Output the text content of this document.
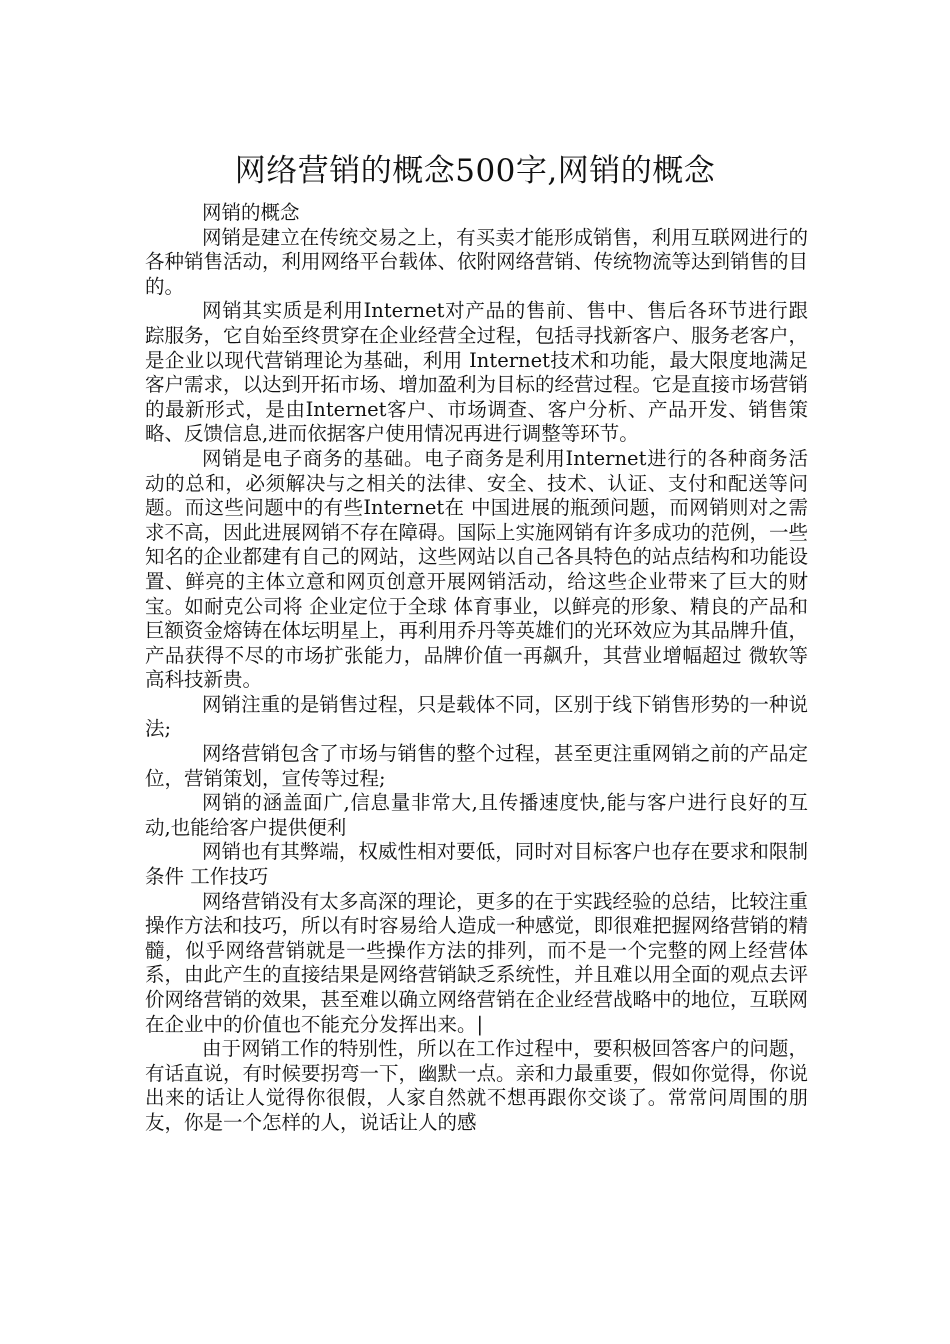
网络营销的概念500字,网销的概念

网销的概念

网销是建立在传统交易之上，有买卖才能形成销售，利用互联网进行的各种销售活动，利用网络平台载体、依附网络营销、传统物流等达到销售的目的。

网销其实质是利用Internet对产品的售前、售中、售后各环节进行跟踪服务，它自始至终贯穿在企业经营全过程，包括寻找新客户、服务老客户，是企业以现代营销理论为基础，利用 Internet技术和功能，最大限度地满足客户需求，以达到开拓市场、增加盈利为目标的经营过程。它是直接市场营销的最新形式，是由Internet客户、市场调查、客户分析、产品开发、销售策略、反馈信息,进而依据客户使用情况再进行调整等环节。

网销是电子商务的基础。电子商务是利用Internet进行的各种商务活动的总和，必须解决与之相关的法律、安全、技术、认证、支付和配送等问题。而这些问题中的有些Internet在 中国进展的瓶颈问题，而网销则对之需求不高，因此进展网销不存在障碍。国际上实施网销有许多成功的范例，一些知名的企业都建有自己的网站，这些网站以自己各具特色的站点结构和功能设置、鲜亮的主体立意和网页创意开展网销活动，给这些企业带来了巨大的财宝。如耐克公司将 企业定位于全球 体育事业，以鲜亮的形象、精良的产品和巨额资金熔铸在体坛明星上，再利用乔丹等英雄们的光环效应为其品牌升值，产品获得不尽的市场扩张能力，品牌价值一再飙升，其营业增幅超过 微软等高科技新贵。

网销注重的是销售过程，只是载体不同，区别于线下销售形势的一种说法;

网络营销包含了市场与销售的整个过程，甚至更注重网销之前的产品定位，营销策划，宣传等过程;

网销的涵盖面广,信息量非常大,且传播速度快,能与客户进行良好的互动,也能给客户提供便利

网销也有其弊端，权威性相对要低，同时对目标客户也存在要求和限制条件 工作技巧

网络营销没有太多高深的理论，更多的在于实践经验的总结，比较注重操作方法和技巧，所以有时容易给人造成一种感觉，即很难把握网络营销的精髓，似乎网络营销就是一些操作方法的排列，而不是一个完整的网上经营体系，由此产生的直接结果是网络营销缺乏系统性，并且难以用全面的观点去评价网络营销的效果，甚至难以确立网络营销在企业经营战略中的地位，互联网在企业中的价值也不能充分发挥出来。|

由于网销工作的特别性，所以在工作过程中，要积极回答客户的问题，有话直说，有时候要拐弯一下，幽默一点。亲和力最重要，假如你觉得，你说出来的话让人觉得你很假，人家自然就不想再跟你交谈了。常常问周围的朋友，你是一个怎样的人，说话让人的感
